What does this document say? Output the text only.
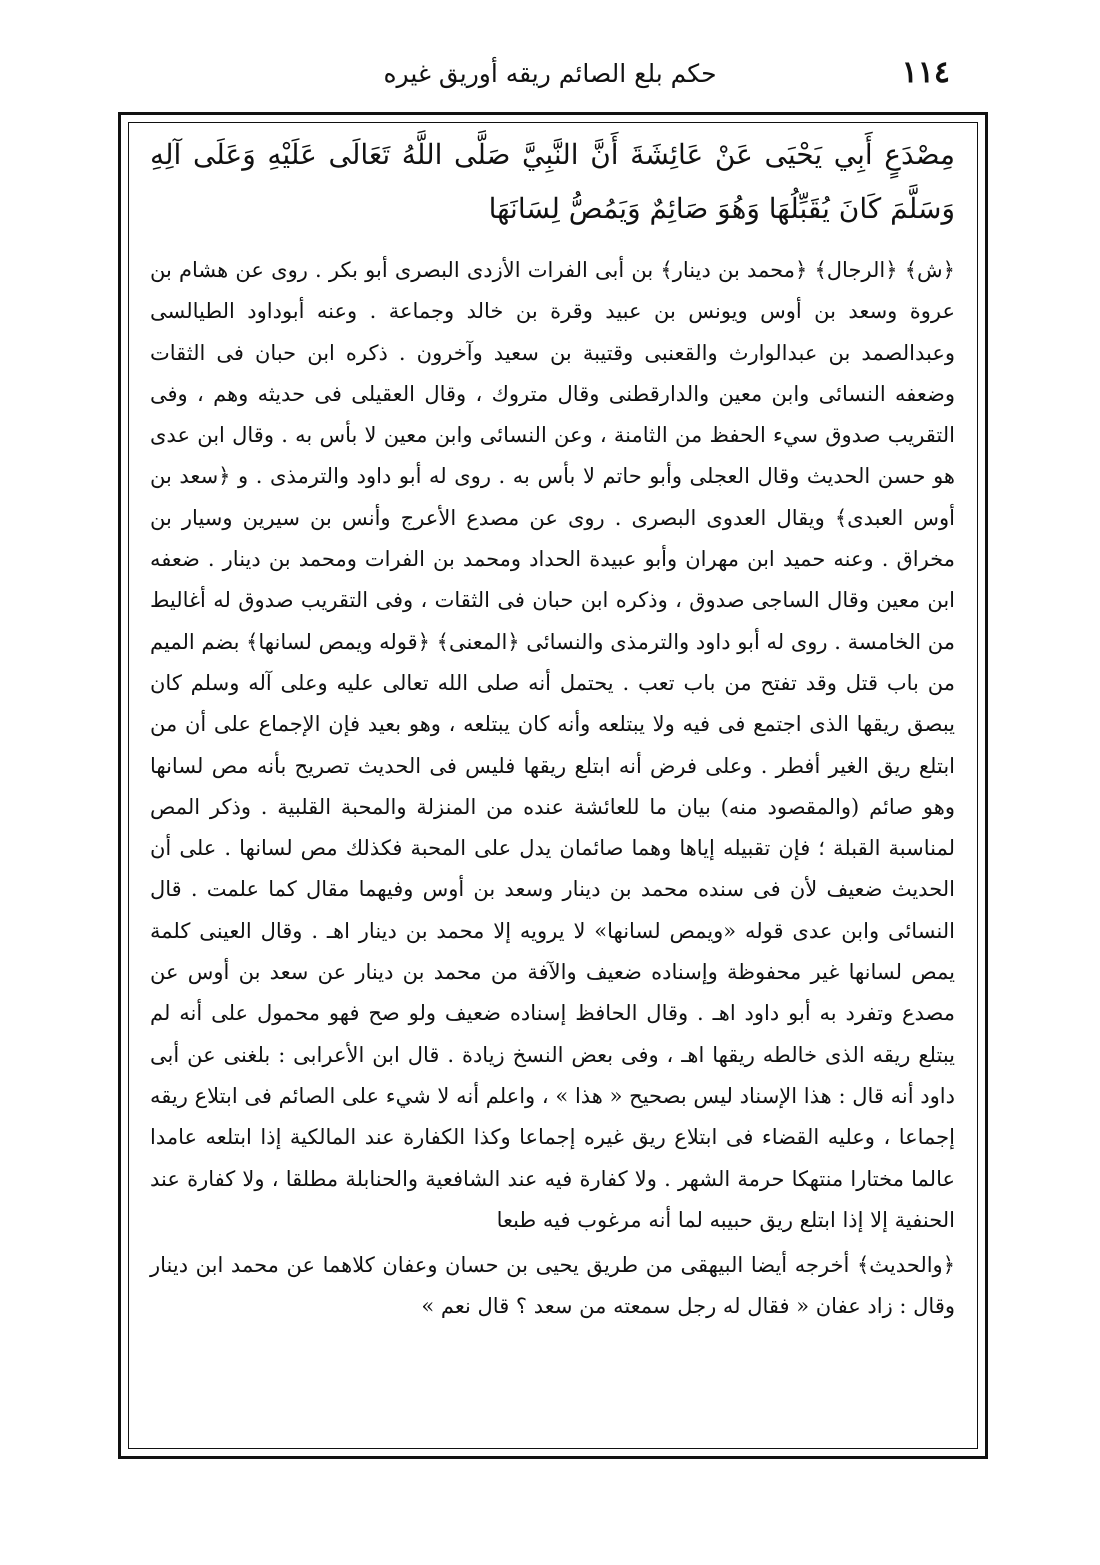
١١٤
حكم بلع الصائم ريقه أوريق غيره

مِصْدَعٍ أَبِي يَحْيَى عَنْ عَائِشَةَ أَنَّ النَّبِيَّ صَلَّى اللَّهُ تَعَالَى عَلَيْهِ وَعَلَى آلِهِ وَسَلَّمَ كَانَ يُقَبِّلُهَا وَهُوَ صَائِمٌ وَيَمُصُّ لِسَانَهَا

﴿ش﴾ ﴿الرجال﴾ ﴿محمد بن دينار﴾ بن أبى الفرات الأزدى البصرى أبو بكر . روى عن هشام بن عروة وسعد بن أوس ويونس بن عبيد وقرة بن خالد وجماعة . وعنه أبوداود الطيالسى وعبدالصمد بن عبدالوارث والقعنبى وقتيبة بن سعيد وآخرون . ذكره ابن حبان فى الثقات وضعفه النسائى وابن معين والدارقطنى وقال متروك ، وقال العقيلى فى حديثه وهم ، وفى التقريب صدوق سيء الحفظ من الثامنة ، وعن النسائى وابن معين لا بأس به . وقال ابن عدى هو حسن الحديث وقال العجلى وأبو حاتم لا بأس به . روى له أبو داود والترمذى . و ﴿سعد بن أوس العبدى﴾ ويقال العدوى البصرى . روى عن مصدع الأعرج وأنس بن سيرين وسيار بن مخراق . وعنه حميد ابن مهران وأبو عبيدة الحداد ومحمد بن الفرات ومحمد بن دينار . ضعفه ابن معين وقال الساجى صدوق ، وذكره ابن حبان فى الثقات ، وفى التقريب صدوق له أغاليط من الخامسة . روى له أبو داود والترمذى والنسائى ﴿المعنى﴾ ﴿قوله ويمص لسانها﴾ بضم الميم من باب قتل وقد تفتح من باب تعب . يحتمل أنه صلى الله تعالى عليه وعلى آله وسلم كان يبصق ريقها الذى اجتمع فى فيه ولا يبتلعه وأنه كان يبتلعه ، وهو بعيد فإن الإجماع على أن من ابتلع ريق الغير أفطر . وعلى فرض أنه ابتلع ريقها فليس فى الحديث تصريح بأنه مص لسانها وهو صائم (والمقصود منه) بيان ما للعائشة عنده من المنزلة والمحبة القلبية . وذكر المص لمناسبة القبلة ؛ فإن تقبيله إياها وهما صائمان يدل على المحبة فكذلك مص لسانها . على أن الحديث ضعيف لأن فى سنده محمد بن دينار وسعد بن أوس وفيهما مقال كما علمت . قال النسائى وابن عدى قوله «ويمص لسانها» لا يرويه إلا محمد بن دينار اهـ . وقال العينى كلمة يمص لسانها غير محفوظة وإسناده ضعيف والآفة من محمد بن دينار عن سعد بن أوس عن مصدع وتفرد به أبو داود اهـ . وقال الحافظ إسناده ضعيف ولو صح فهو محمول على أنه لم يبتلع ريقه الذى خالطه ريقها اهـ ، وفى بعض النسخ زيادة . قال ابن الأعرابى : بلغنى عن أبى داود أنه قال : هذا الإسناد ليس بصحيح « هذا » ، واعلم أنه لا شيء على الصائم فى ابتلاع ريقه إجماعا ، وعليه القضاء فى ابتلاع ريق غيره إجماعا وكذا الكفارة عند المالكية إذا ابتلعه عامدا عالما مختارا منتهكا حرمة الشهر . ولا كفارة فيه عند الشافعية والحنابلة مطلقا ، ولا كفارة عند الحنفية إلا إذا ابتلع ريق حبيبه لما أنه مرغوب فيه طبعا

﴿والحديث﴾ أخرجه أيضا البيهقى من طريق يحيى بن حسان وعفان كلاهما عن محمد ابن دينار وقال : زاد عفان « فقال له رجل سمعته من سعد ؟ قال نعم »
